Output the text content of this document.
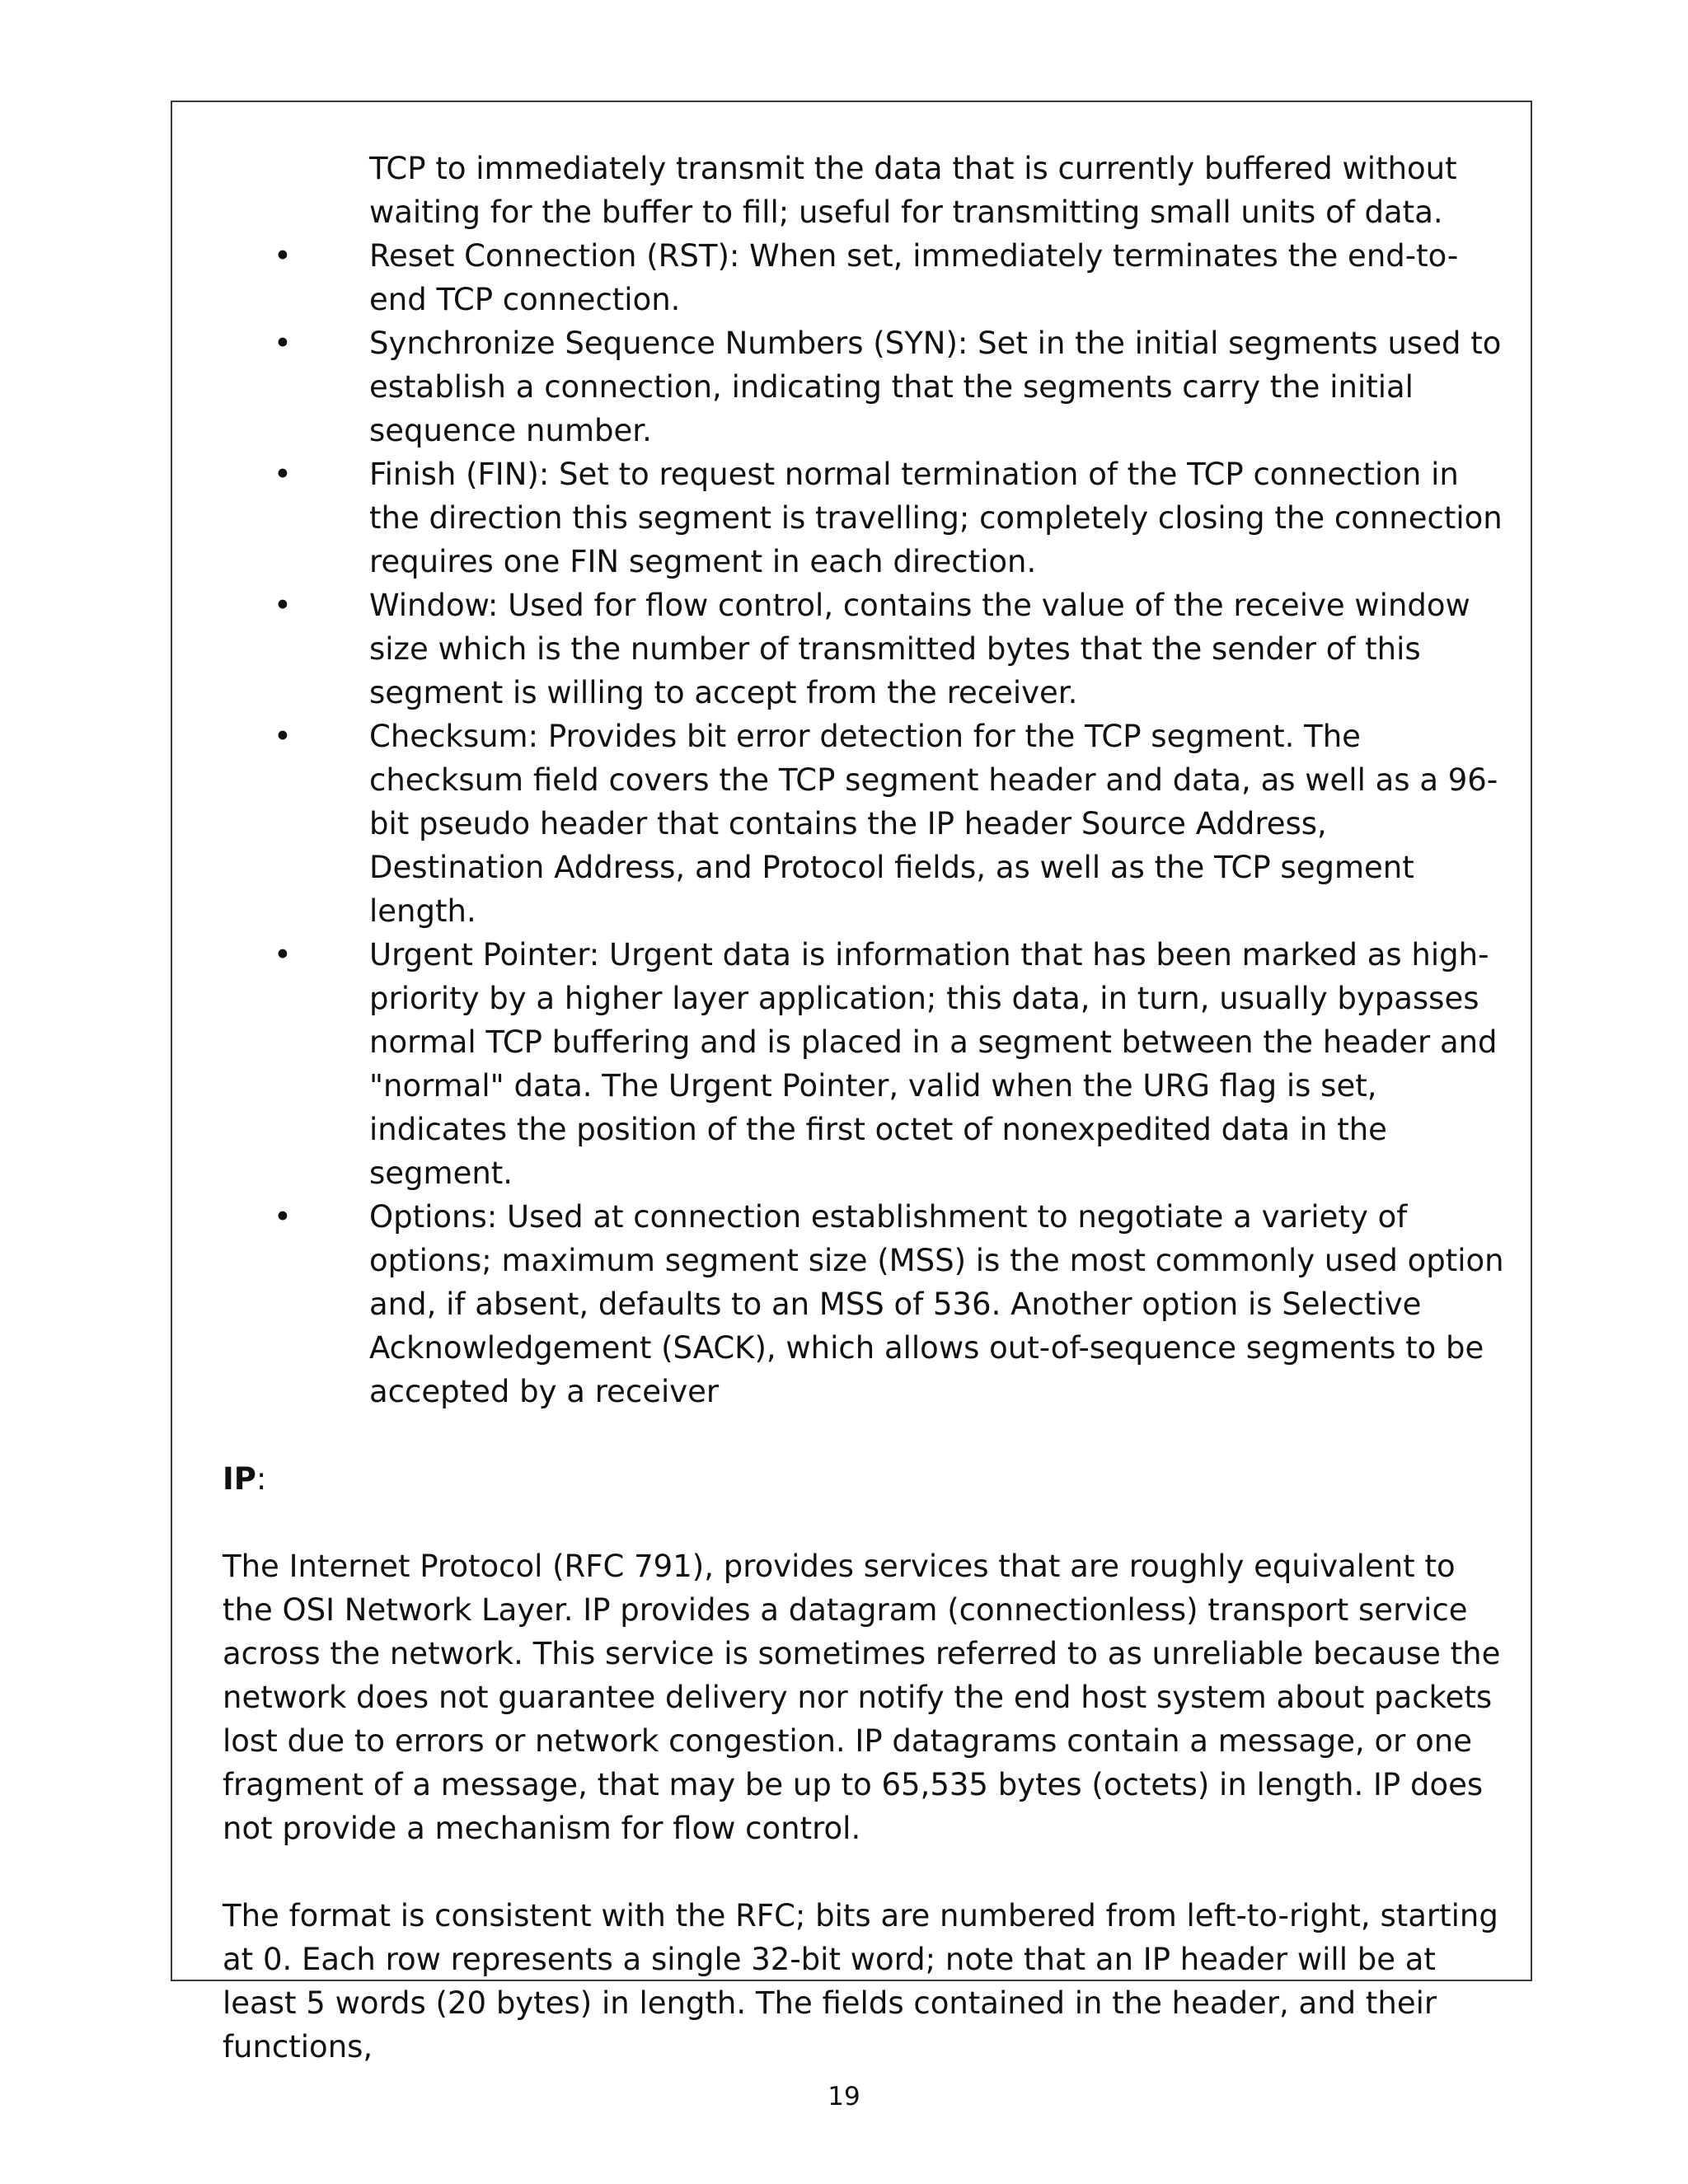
TCP to immediately transmit the data that is currently buffered without waiting for the buffer to fill; useful for transmitting small units of data.
•	Reset Connection (RST): When set, immediately terminates the end-to-end TCP connection.
•	Synchronize Sequence Numbers (SYN): Set in the initial segments used to establish a connection, indicating that the segments carry the initial sequence number.
•	Finish (FIN): Set to request normal termination of the TCP connection in the direction this segment is travelling; completely closing the connection requires one FIN segment in each direction.
•	Window: Used for flow control, contains the value of the receive window size which is the number of transmitted bytes that the sender of this segment is willing to accept from the receiver.
•	Checksum: Provides bit error detection for the TCP segment. The checksum field covers the TCP segment header and data, as well as a 96-bit pseudo header that contains the IP header Source Address, Destination Address, and Protocol fields, as well as the TCP segment length.
•	Urgent Pointer: Urgent data is information that has been marked as high-priority by a higher layer application; this data, in turn, usually bypasses normal TCP buffering and is placed in a segment between the header and "normal" data. The Urgent Pointer, valid when the URG flag is set, indicates the position of the first octet of nonexpedited data in the segment.
•	Options: Used at connection establishment to negotiate a variety of options; maximum segment size (MSS) is the most commonly used option and, if absent, defaults to an MSS of 536. Another option is Selective Acknowledgement (SACK), which allows out-of-sequence segments to be accepted by a receiver
IP:

The Internet Protocol (RFC 791), provides services that are roughly equivalent to the OSI Network Layer. IP provides a datagram (connectionless) transport service across the network. This service is sometimes referred to as unreliable because the network does not guarantee delivery nor notify the end host system about packets lost due to errors or network congestion. IP datagrams contain a message, or one fragment of a message, that may be up to 65,535 bytes (octets) in length. IP does not provide a mechanism for flow control.

The format is consistent with the RFC; bits are numbered from left-to-right, starting at 0. Each row represents a single 32-bit word; note that an IP header will be at least 5 words (20 bytes) in length. The fields contained in the header, and their functions,

19
